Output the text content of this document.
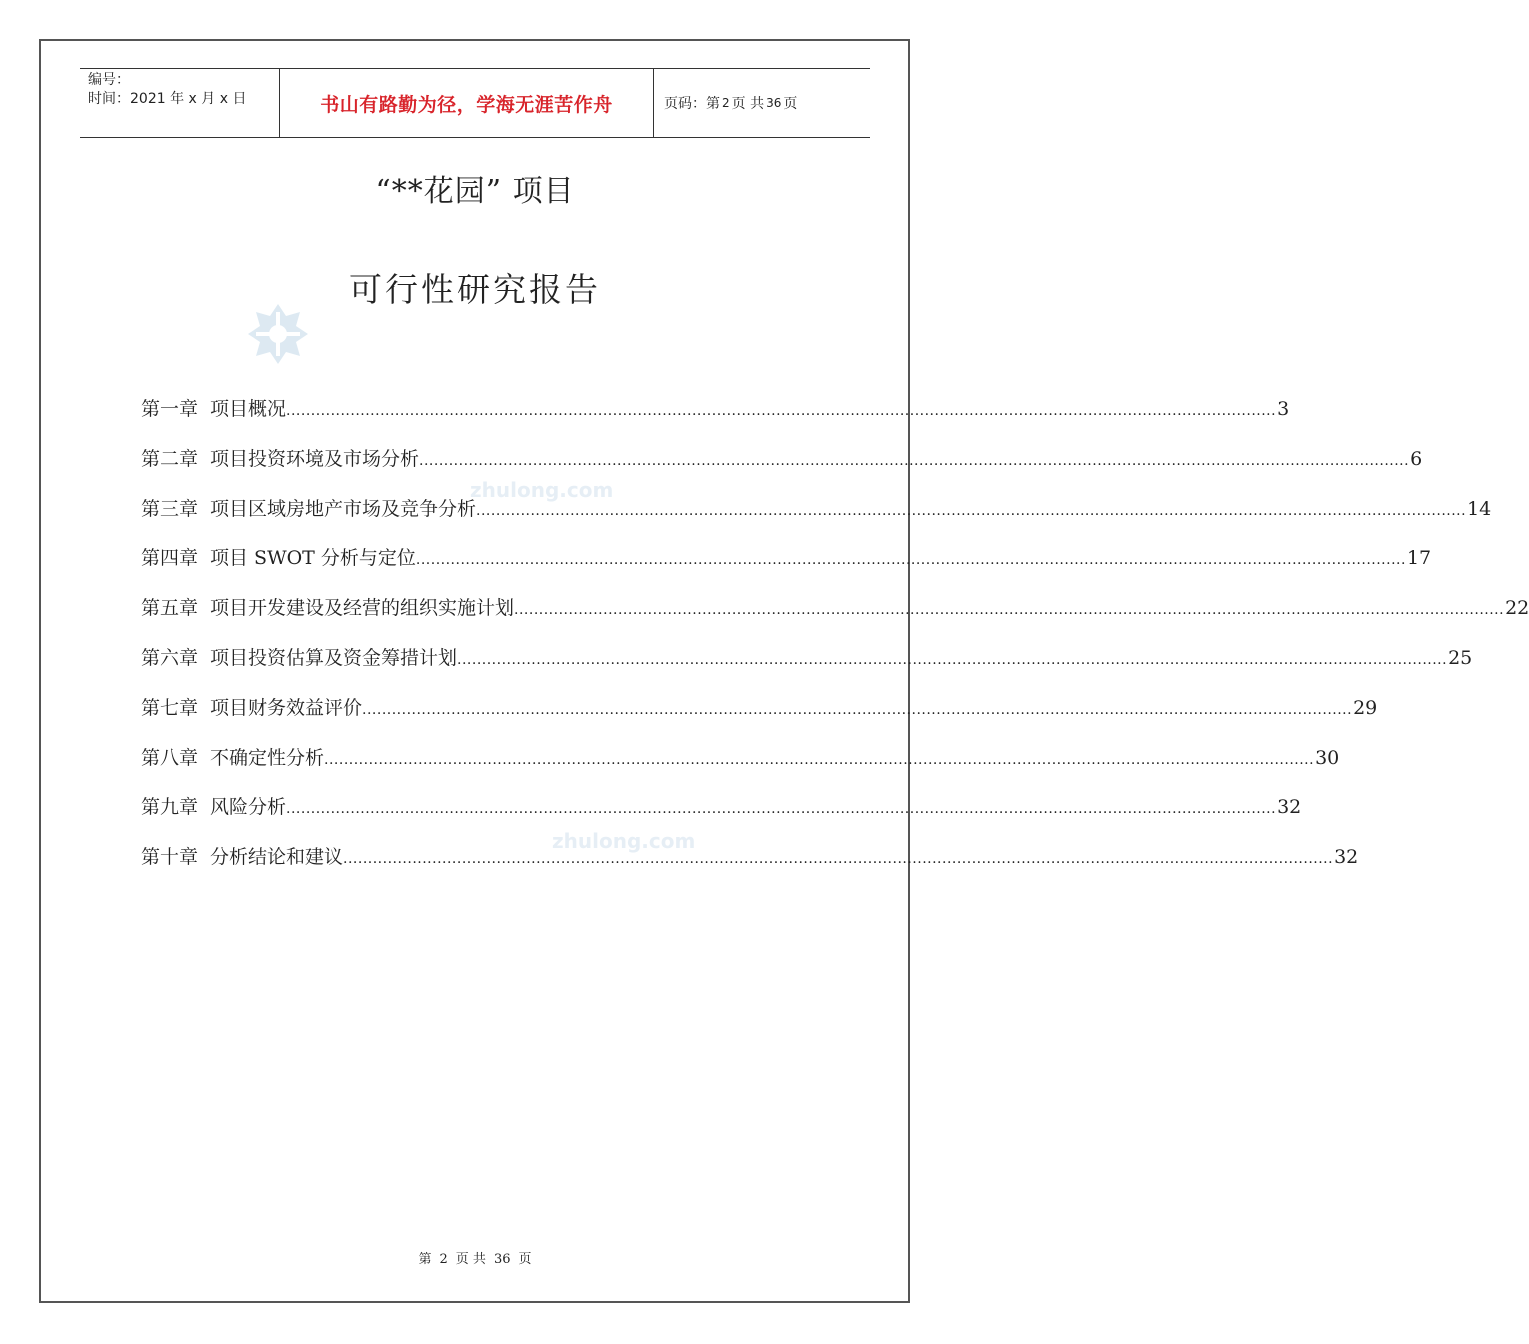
编号：
时间：2021 年 x 月 x 日	书山有路勤为径，学海无涯苦作舟	页码：第 2 页 共 36 页
“**花园” 项目
可行性研究报告
zhulong.com
zhulong.com
第一章 项目概况 ........................................................................................................................................................................................................ 3
第二章 项目投资环境及市场分析 ........................................................................................................................................................................................................ 6
第三章 项目区域房地产市场及竞争分析 ........................................................................................................................................................................................................ 14
第四章 项目 SWOT 分析与定位 ........................................................................................................................................................................................................ 17
第五章 项目开发建设及经营的组织实施计划 ........................................................................................................................................................................................................ 22
第六章 项目投资估算及资金筹措计划 ........................................................................................................................................................................................................ 25
第七章 项目财务效益评价 ........................................................................................................................................................................................................ 29
第八章 不确定性分析 ........................................................................................................................................................................................................ 30
第九章 风险分析 ........................................................................................................................................................................................................ 32
第十章 分析结论和建议 ........................................................................................................................................................................................................ 32
第 2 页 共 36 页
